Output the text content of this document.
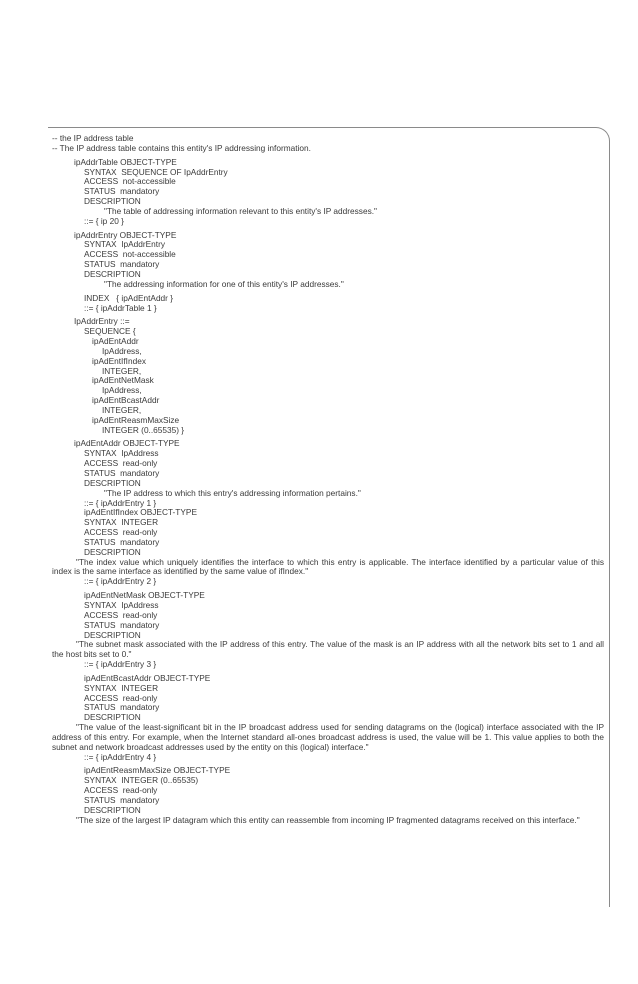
-- the IP address table
-- The IP address table contains this entity's IP addressing information.
ipAddrTable OBJECT-TYPE
SYNTAX  SEQUENCE OF IpAddrEntry
ACCESS  not-accessible
STATUS  mandatory
DESCRIPTION
"The table of addressing information relevant to this entity's IP addresses."
::= { ip 20 }
ipAddrEntry OBJECT-TYPE
SYNTAX  IpAddrEntry
ACCESS  not-accessible
STATUS  mandatory
DESCRIPTION
"The addressing information for one of this entity's IP addresses."
INDEX   { ipAdEntAddr }
::= { ipAddrTable 1 }
IpAddrEntry ::=
SEQUENCE {
ipAdEntAddr
IpAddress,
ipAdEntIfIndex
INTEGER,
ipAdEntNetMask
IpAddress,
ipAdEntBcastAddr
INTEGER,
ipAdEntReasmMaxSize
INTEGER (0..65535) }
ipAdEntAddr OBJECT-TYPE
SYNTAX  IpAddress
ACCESS  read-only
STATUS  mandatory
DESCRIPTION
"The IP address to which this entry's addressing information pertains."
::= { ipAddrEntry 1 }
ipAdEntIfIndex OBJECT-TYPE
SYNTAX  INTEGER
ACCESS  read-only
STATUS  mandatory
DESCRIPTION
"The index value which uniquely identifies the interface to which this entry is applicable. The interface identified by a particular value of this index is the same interface as identified by the same value of ifIndex."
::= { ipAddrEntry 2 }
ipAdEntNetMask OBJECT-TYPE
SYNTAX  IpAddress
ACCESS  read-only
STATUS  mandatory
DESCRIPTION
"The subnet mask associated with the IP address of this entry. The value of the mask is an IP address with all the network bits set to 1 and all the host bits set to 0."
::= { ipAddrEntry 3 }
ipAdEntBcastAddr OBJECT-TYPE
SYNTAX  INTEGER
ACCESS  read-only
STATUS  mandatory
DESCRIPTION
"The value of the least-significant bit in the IP broadcast address used for sending datagrams on the (logical) interface associated with the IP address of this entry. For example, when the Internet standard all-ones broadcast address is used, the value will be 1. This value applies to both the subnet and network broadcast addresses used by the entity on this (logical) interface."
::= { ipAddrEntry 4 }
ipAdEntReasmMaxSize OBJECT-TYPE
SYNTAX  INTEGER (0..65535)
ACCESS  read-only
STATUS  mandatory
DESCRIPTION
"The size of the largest IP datagram which this entity can reassemble from incoming IP fragmented datagrams received on this interface."
